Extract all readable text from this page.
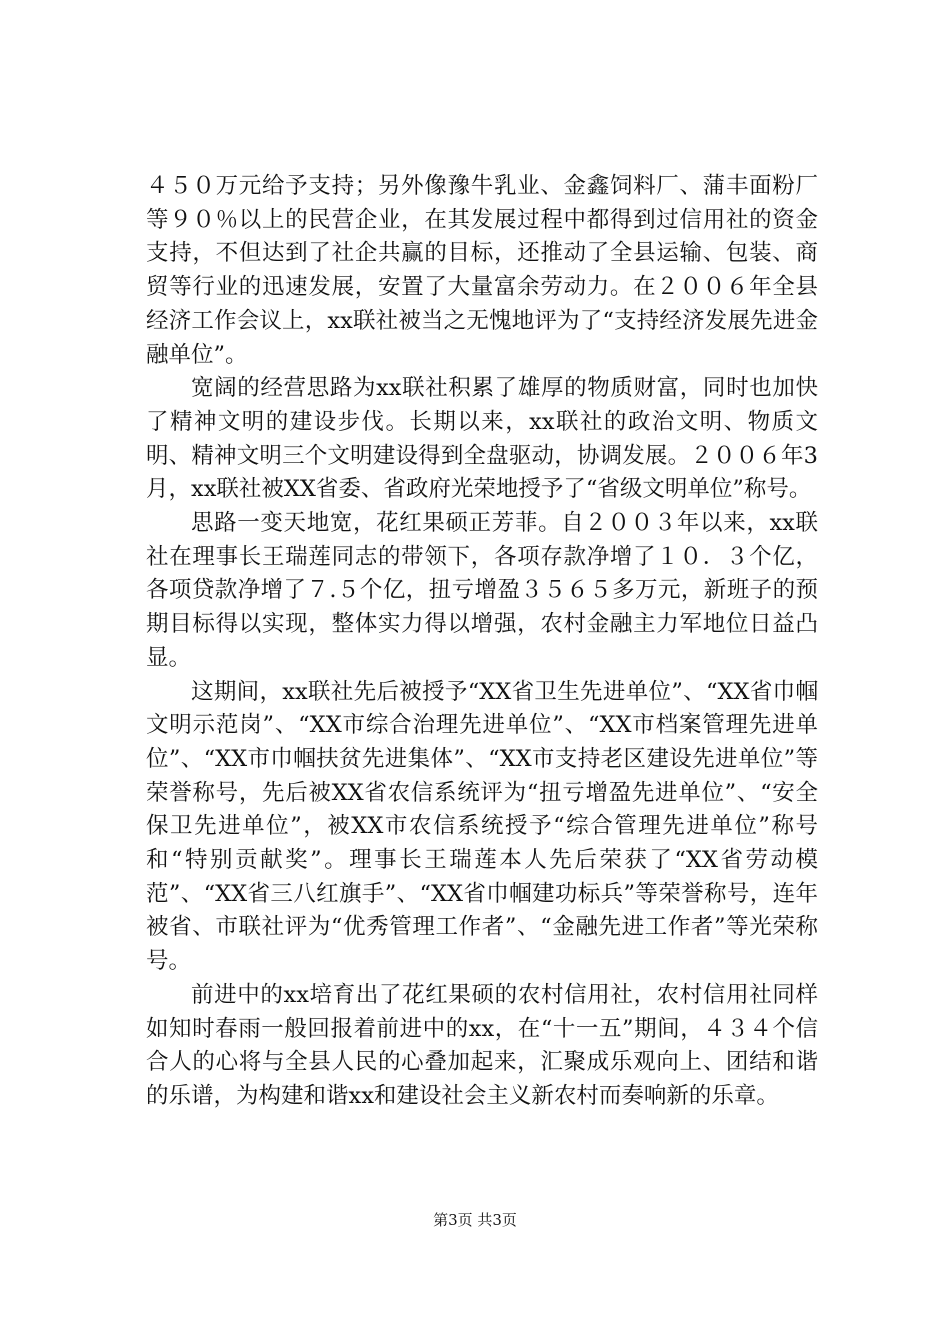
４５０万元给予支持；另外像豫牛乳业、金鑫饲料厂、蒲丰面粉厂等９０％以上的民营企业，在其发展过程中都得到过信用社的资金支持，不但达到了社企共赢的目标，还推动了全县运输、包装、商贸等行业的迅速发展，安置了大量富余劳动力。在２００６年全县经济工作会议上，xx联社被当之无愧地评为了“支持经济发展先进金融单位”。

宽阔的经营思路为xx联社积累了雄厚的物质财富，同时也加快了精神文明的建设步伐。长期以来，xx联社的政治文明、物质文明、精神文明三个文明建设得到全盘驱动，协调发展。２００６年3月，xx联社被XX省委、省政府光荣地授予了“省级文明单位”称号。

思路一变天地宽，花红果硕正芳菲。自２００３年以来，xx联社在理事长王瑞莲同志的带领下，各项存款净增了１０．３个亿，各项贷款净增了７.５个亿，扭亏增盈３５６５多万元，新班子的预期目标得以实现，整体实力得以增强，农村金融主力军地位日益凸显。

这期间，xx联社先后被授予“XX省卫生先进单位”、“XX省巾帼文明示范岗”、“XX市综合治理先进单位”、“XX市档案管理先进单位”、“XX市巾帼扶贫先进集体”、“XX市支持老区建设先进单位”等荣誉称号，先后被XX省农信系统评为“扭亏增盈先进单位”、“安全保卫先进单位”，被XX市农信系统授予“综合管理先进单位”称号和“特别贡献奖”。理事长王瑞莲本人先后荣获了“XX省劳动模范”、“XX省三八红旗手”、“XX省巾帼建功标兵”等荣誉称号，连年被省、市联社评为“优秀管理工作者”、“金融先进工作者”等光荣称号。

前进中的xx培育出了花红果硕的农村信用社，农村信用社同样如知时春雨一般回报着前进中的xx，在“十一五”期间，４３４个信合人的心将与全县人民的心叠加起来，汇聚成乐观向上、团结和谐的乐谱，为构建和谐xx和建设社会主义新农村而奏响新的乐章。

第3页 共3页
